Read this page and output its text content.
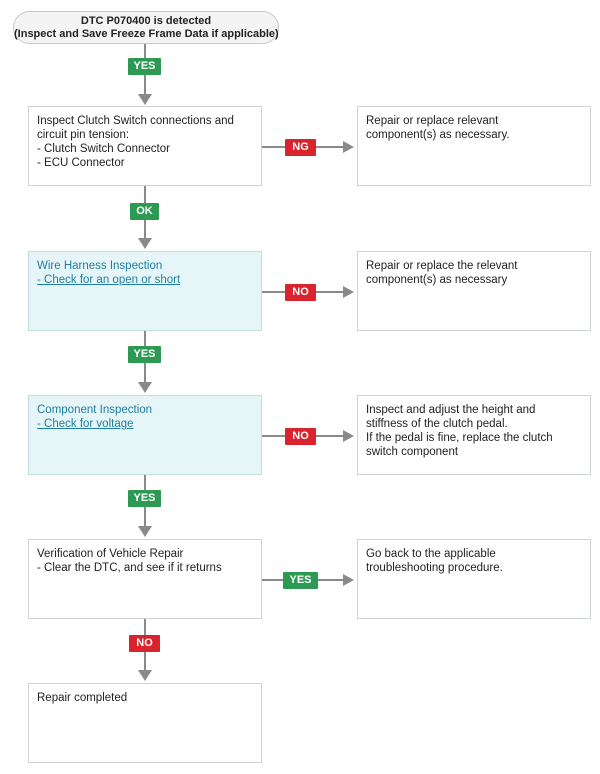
DTC P070400 is detected
(Inspect and Save Freeze Frame Data if applicable)
Inspect Clutch Switch connections and
circuit pin tension:
- Clutch Switch Connector
- ECU Connector
Wire Harness Inspection
- Check for an open or short
Component Inspection
- Check for voltage
Verification of Vehicle Repair
- Clear the DTC, and see if it returns
Repair completed
Repair or replace relevant
component(s) as necessary.
Repair or replace the relevant
component(s) as necessary
Inspect and adjust the height and
stiffness of the clutch pedal.
If the pedal is fine, replace the clutch
switch component
Go back to the applicable
troubleshooting procedure.
YES
OK
YES
YES
NO
NG
NO
NO
YES
